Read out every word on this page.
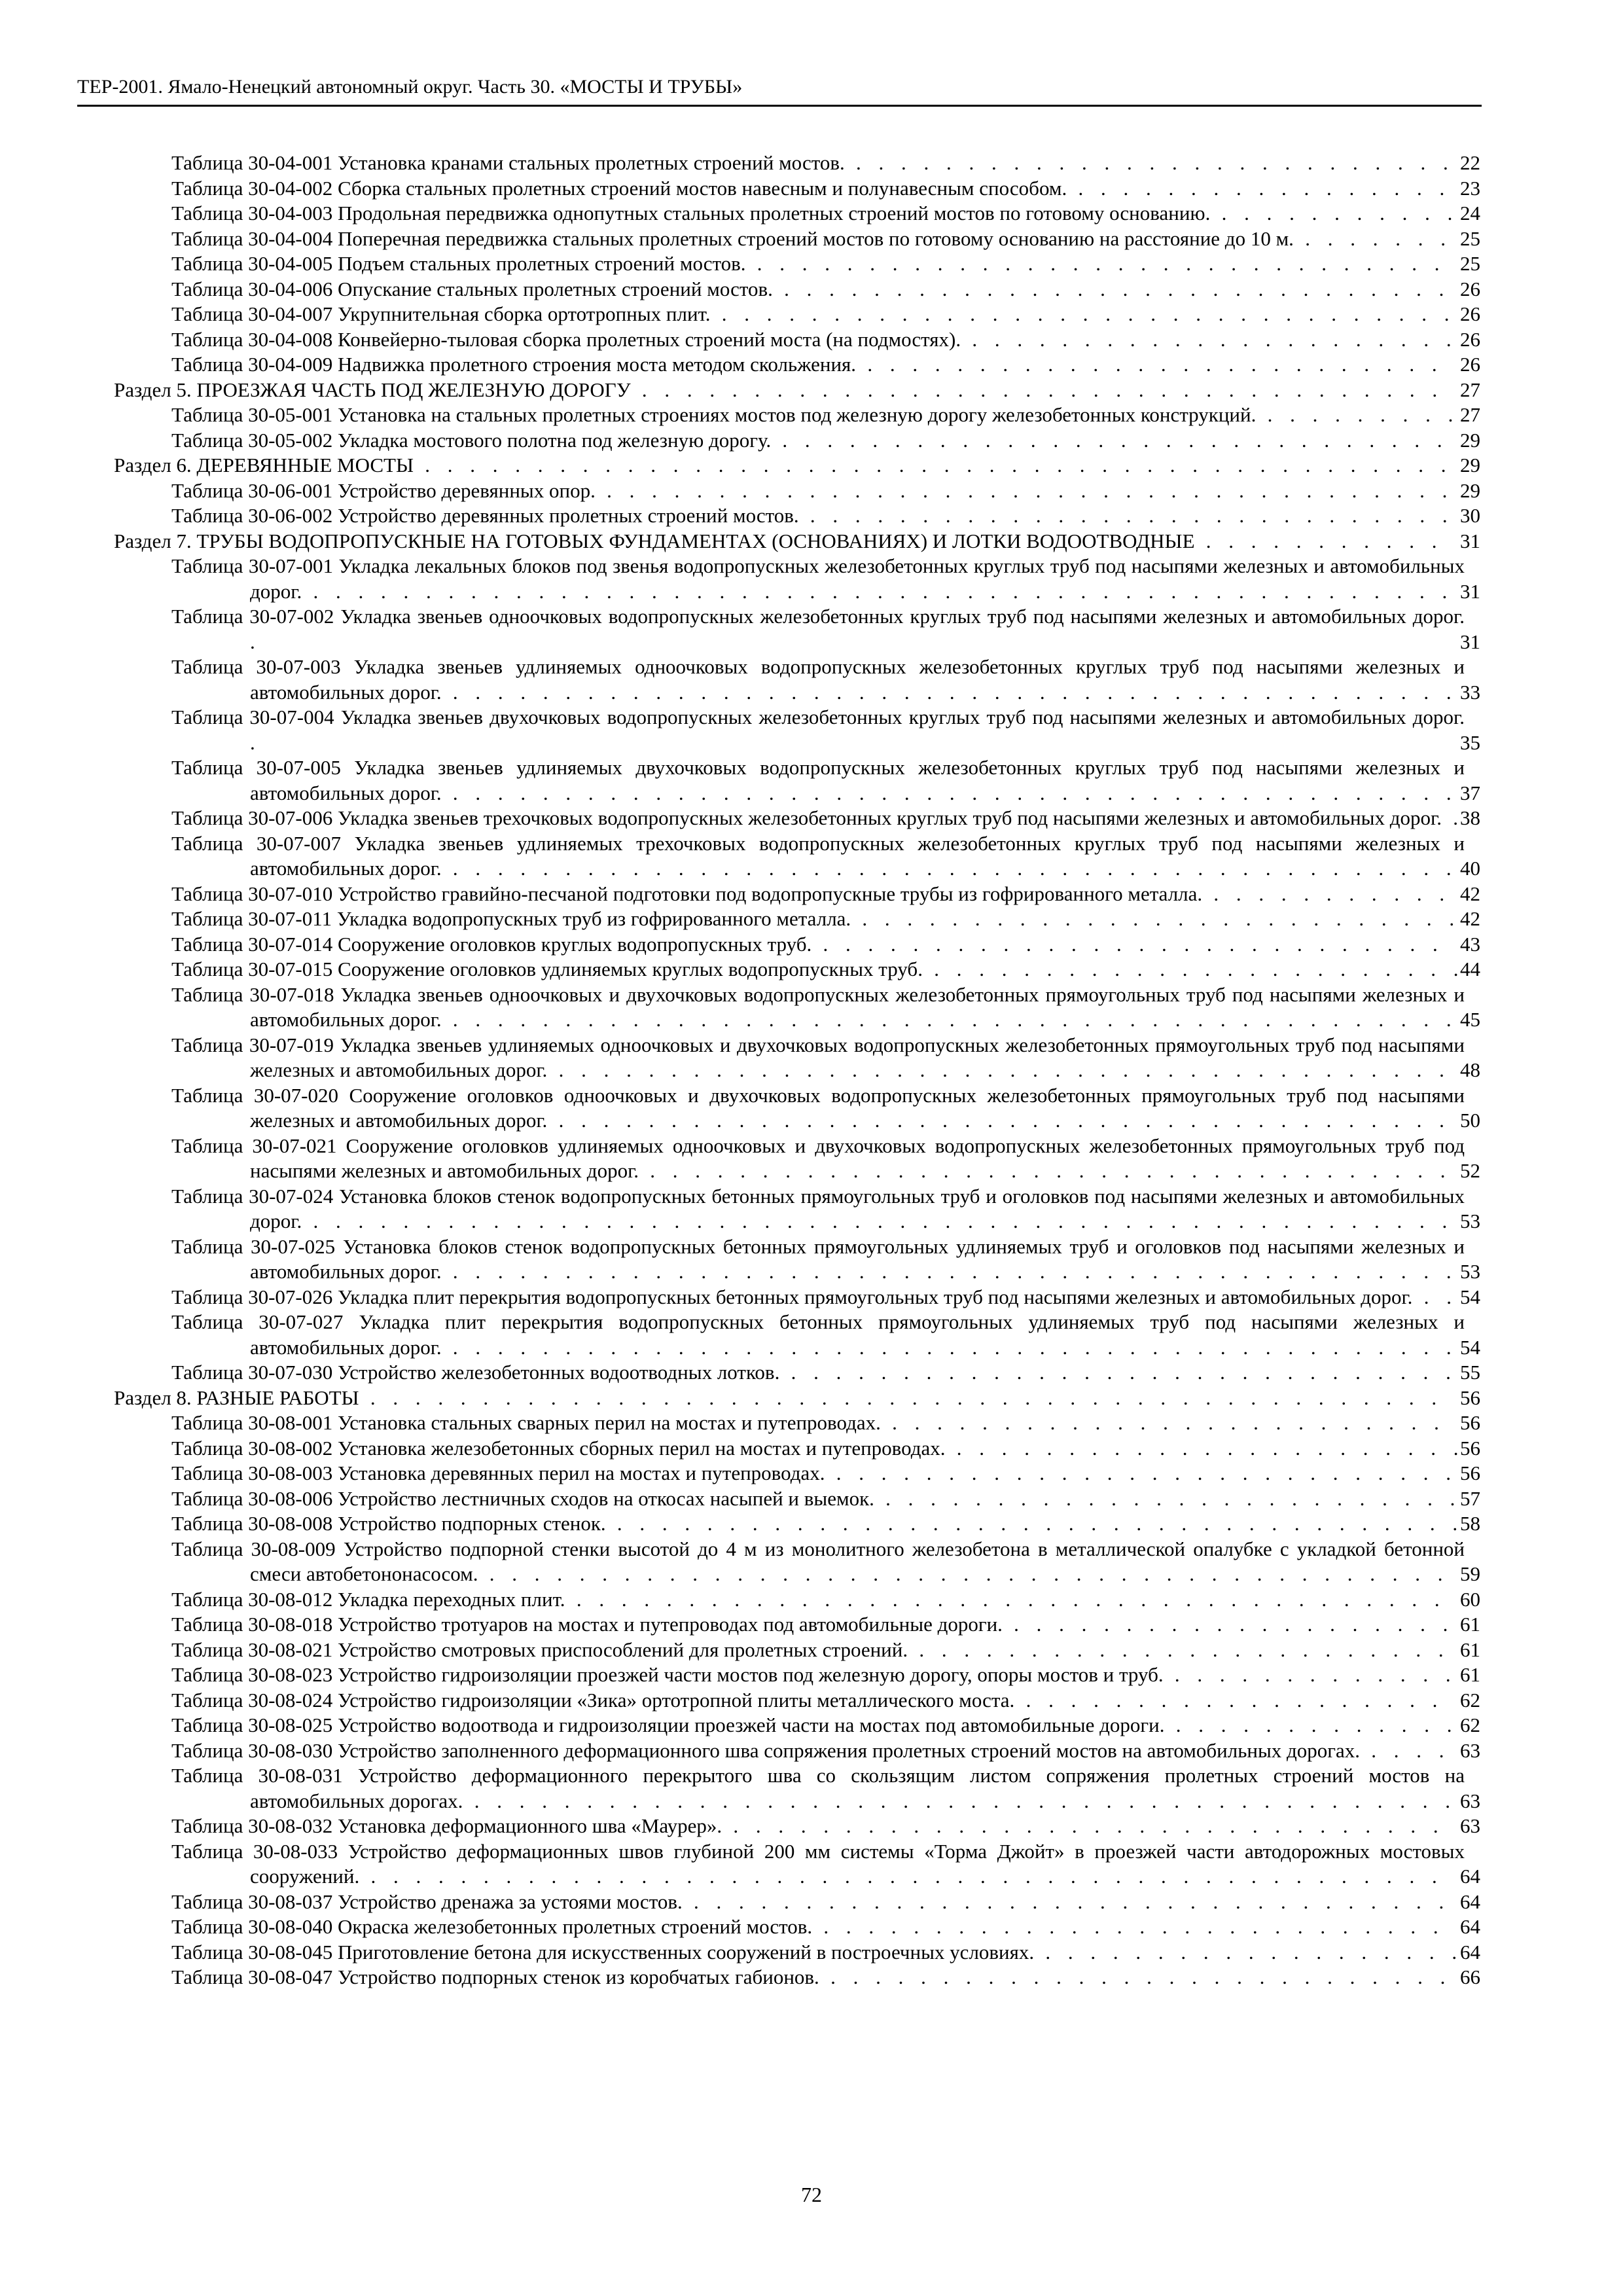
ТЕР-2001. Ямало-Ненецкий автономный округ. Часть 30. «МОСТЫ И ТРУБЫ»
Таблица 30-04-001 Установка кранами стальных пролетных строений мостов. . . . . . . . . . . . . . . . . . . . . . . . . . . . 22
Таблица 30-04-002 Сборка стальных пролетных строений мостов навесным и полунавесным способом. . . . . . . . . . . . . . . . . . 23
Таблица 30-04-003 Продольная передвижка однопутных стальных пролетных строений мостов по готовому основанию. . . . . . . . . . . . 24
Таблица 30-04-004 Поперечная передвижка стальных пролетных строений мостов по готовому основанию на расстояние до 10 м. . . . . . . . 25
Таблица 30-04-005 Подъем стальных пролетных строений мостов. . . . . . . . . . . . . . . . . . . . . . . . . . . . . . . . 25
Таблица 30-04-006 Опускание стальных пролетных строений мостов. . . . . . . . . . . . . . . . . . . . . . . . . . . . . . . 26
Таблица 30-04-007 Укрупнительная сборка ортотропных плит. . . . . . . . . . . . . . . . . . . . . . . . . . . . . . . . . . 26
Таблица 30-04-008 Конвейерно-тыловая сборка пролетных строений моста (на подмостях). . . . . . . . . . . . . . . . . . . . . . . 26
Таблица 30-04-009 Надвижка пролетного строения моста методом скольжения. . . . . . . . . . . . . . . . . . . . . . . . . . . 26
Раздел 5. ПРОЕЗЖАЯ ЧАСТЬ ПОД ЖЕЛЕЗНУЮ ДОРОГУ . . . . . . . . . . . . . . . . . . . . . . . . . . . . . . . . . . . . 27
Таблица 30-05-001 Установка на стальных пролетных строениях мостов под железную дорогу железобетонных конструкций. . . . . . . . . . 27
Таблица 30-05-002 Укладка мостового полотна под железную дорогу. . . . . . . . . . . . . . . . . . . . . . . . . . . . . . . 29
Раздел 6. ДЕРЕВЯННЫЕ МОСТЫ . . . . . . . . . . . . . . . . . . . . . . . . . . . . . . . . . . . . . . . . . . . . . . 29
Таблица 30-06-001 Устройство деревянных опор. . . . . . . . . . . . . . . . . . . . . . . . . . . . . . . . . . . . . . . 29
Таблица 30-06-002 Устройство деревянных пролетных строений мостов. . . . . . . . . . . . . . . . . . . . . . . . . . . . . . 30
Раздел 7. ТРУБЫ ВОДОПРОПУСКНЫЕ НА ГОТОВЫХ ФУНДАМЕНТАХ (ОСНОВАНИЯХ) И ЛОТКИ ВОДООТВОДНЫЕ . . . . . . . . . . . 31
Таблица 30-07-001 Укладка лекальных блоков под звенья водопропускных железобетонных круглых труб под насыпями железных и автомобильных дорог. . . . . . . . . . . . . . . . . . . . . . . . . . . . . . . . . . . . . . . . . . . . . . . . . . . . 31
Таблица 30-07-002 Укладка звеньев одноочковых водопропускных железобетонных круглых труб под насыпями железных и автомобильных дорог. .	31
Таблица 30-07-003 Укладка звеньев удлиняемых одноочковых водопропускных железобетонных круглых труб под насыпями железных и автомобильных дорог. . . . . . . . . . . . . . . . . . . . . . . . . . . . . . . . . . . . . . . . . . . . . . 33
Таблица 30-07-004 Укладка звеньев двухочковых водопропускных железобетонных круглых труб под насыпями железных и автомобильных дорог. .	35
Таблица 30-07-005 Укладка звеньев удлиняемых двухочковых водопропускных железобетонных круглых труб под насыпями железных и автомобильных дорог. . . . . . . . . . . . . . . . . . . . . . . . . . . . . . . . . . . . . . . . . . . . . . 37
Таблица 30-07-006 Укладка звеньев трехочковых водопропускных железобетонных круглых труб под насыпями железных и автомобильных дорог. .
38
Таблица 30-07-007 Укладка звеньев удлиняемых трехочковых водопропускных железобетонных круглых труб под насыпями железных и автомобильных дорог. . . . . . . . . . . . . . . . . . . . . . . . . . . . . . . . . . . . . . . . . . . . . . 40
Таблица 30-07-010 Устройство гравийно-песчаной подготовки под водопропускные трубы из гофрированного металла. . . . . . . . . . . . 42
Таблица 30-07-011 Укладка водопропускных труб из гофрированного металла. . . . . . . . . . . . . . . . . . . . . . . . . . . . 42
Таблица 30-07-014 Сооружение оголовков круглых водопропускных труб. . . . . . . . . . . . . . . . . . . . . . . . . . . . . 43
Таблица 30-07-015 Сооружение оголовков удлиняемых круглых водопропускных труб. . . . . . . . . . . . . . . . . . . . . . . . .
44
Таблица 30-07-018 Укладка звеньев одноочковых и двухочковых водопропускных железобетонных прямоугольных труб под насыпями железных и автомобильных дорог. . . . . . . . . . . . . . . . . . . . . . . . . . . . . . . . . . . . . . . . . . . . . . 45
Таблица 30-07-019 Укладка звеньев удлиняемых одноочковых и двухочковых водопропускных железобетонных прямоугольных труб под насыпями железных и автомобильных дорог. . . . . . . . . . . . . . . . . . . . . . . . . . . . . . . . . . . . . . . . . 48
Таблица 30-07-020 Сооружение оголовков одноочковых и двухочковых водопропускных железобетонных прямоугольных труб под насыпями железных и автомобильных дорог. . . . . . . . . . . . . . . . . . . . . . . . . . . . . . . . . . . . . . . . . 50
Таблица 30-07-021 Сооружение оголовков удлиняемых одноочковых и двухочковых водопропускных железобетонных прямоугольных труб под насыпями железных и автомобильных дорог. . . . . . . . . . . . . . . . . . . . . . . . . . . . . . . . . . . . . 52
Таблица 30-07-024 Установка блоков стенок водопропускных бетонных прямоугольных труб и оголовков под насыпями железных и автомобильных дорог. . . . . . . . . . . . . . . . . . . . . . . . . . . . . . . . . . . . . . . . . . . . . . . . . . . . 53
Таблица 30-07-025 Установка блоков стенок водопропускных бетонных прямоугольных удлиняемых труб и оголовков под насыпями железных и автомобильных дорог. . . . . . . . . . . . . . . . . . . . . . . . . . . . . . . . . . . . . . . . . . . . . . 53
Таблица 30-07-026 Укладка плит перекрытия водопропускных бетонных прямоугольных труб под насыпями железных и автомобильных дорог. . . 54
Таблица 30-07-027 Укладка плит перекрытия водопропускных бетонных прямоугольных удлиняемых труб под насыпями железных и автомобильных дорог. . . . . . . . . . . . . . . . . . . . . . . . . . . . . . . . . . . . . . . . . . . . . . 54
Таблица 30-07-030 Устройство железобетонных водоотводных лотков. . . . . . . . . . . . . . . . . . . . . . . . . . . . . . . 55
Раздел 8. РАЗНЫЕ РАБОТЫ . . . . . . . . . . . . . . . . . . . . . . . . . . . . . . . . . . . . . . . . . . . . . . . . 56
Таблица 30-08-001 Установка стальных сварных перил на мостах и путепроводах. . . . . . . . . . . . . . . . . . . . . . . . . . 56
Таблица 30-08-002 Установка железобетонных сборных перил на мостах и путепроводах. . . . . . . . . . . . . . . . . . . . . . . .
56
Таблица 30-08-003 Установка деревянных перил на мостах и путепроводах. . . . . . . . . . . . . . . . . . . . . . . . . . . . . 56
Таблица 30-08-006 Устройство лестничных сходов на откосах насыпей и выемок. . . . . . . . . . . . . . . . . . . . . . . . . . .
57
Таблица 30-08-008 Устройство подпорных стенок. . . . . . . . . . . . . . . . . . . . . . . . . . . . . . . . . . . . . . .
58
Таблица 30-08-009 Устройство подпорной стенки высотой до 4 м из монолитного железобетона в металлической опалубке с укладкой бетонной смеси автобетононасосом. . . . . . . . . . . . . . . . . . . . . . . . . . . . . . . . . . . . . . . . . . . . 59
Таблица 30-08-012 Укладка переходных плит. . . . . . . . . . . . . . . . . . . . . . . . . . . . . . . . . . . . . . . . 60
Таблица 30-08-018 Устройство тротуаров на мостах и путепроводах под автомобильные дороги. . . . . . . . . . . . . . . . . . . . . 61
Таблица 30-08-021 Устройство смотровых приспособлений для пролетных строений. . . . . . . . . . . . . . . . . . . . . . . . . 61
Таблица 30-08-023 Устройство гидроизоляции проезжей части мостов под железную дорогу, опоры мостов и труб. . . . . . . . . . . . . . 61
Таблица 30-08-024 Устройство гидроизоляции «Зика» ортотропной плиты металлического моста. . . . . . . . . . . . . . . . . . . . 62
Таблица 30-08-025 Устройство водоотвода и гидроизоляции проезжей части на мостах под автомобильные дороги. . . . . . . . . . . . . . 62
Таблица 30-08-030 Устройство заполненного деформационного шва сопряжения пролетных строений мостов на автомобильных дорогах. . . . . 63
Таблица 30-08-031 Устройство деформационного перекрытого шва со скользящим листом сопряжения пролетных строений мостов на автомобильных дорогах. . . . . . . . . . . . . . . . . . . . . . . . . . . . . . . . . . . . . . . . . . . . . 63
Таблица 30-08-032 Установка деформационного шва «Маурер». . . . . . . . . . . . . . . . . . . . . . . . . . . . . . . . . 63
Таблица 30-08-033 Устройство деформационных швов глубиной 200 мм системы «Торма Джойт» в проезжей части автодорожных мостовых сооружений. . . . . . . . . . . . . . . . . . . . . . . . . . . . . . . . . . . . . . . . . . . . . . . . . 64
Таблица 30-08-037 Устройство дренажа за устоями мостов. . . . . . . . . . . . . . . . . . . . . . . . . . . . . . . . . . . 64
Таблица 30-08-040 Окраска железобетонных пролетных строений мостов. . . . . . . . . . . . . . . . . . . . . . . . . . . . . 64
Таблица 30-08-045 Приготовление бетона для искусственных сооружений в построечных условиях. . . . . . . . . . . . . . . . . . . .
64
Таблица 30-08-047 Устройство подпорных стенок из коробчатых габионов. . . . . . . . . . . . . . . . . . . . . . . . . . . . . 66
72
